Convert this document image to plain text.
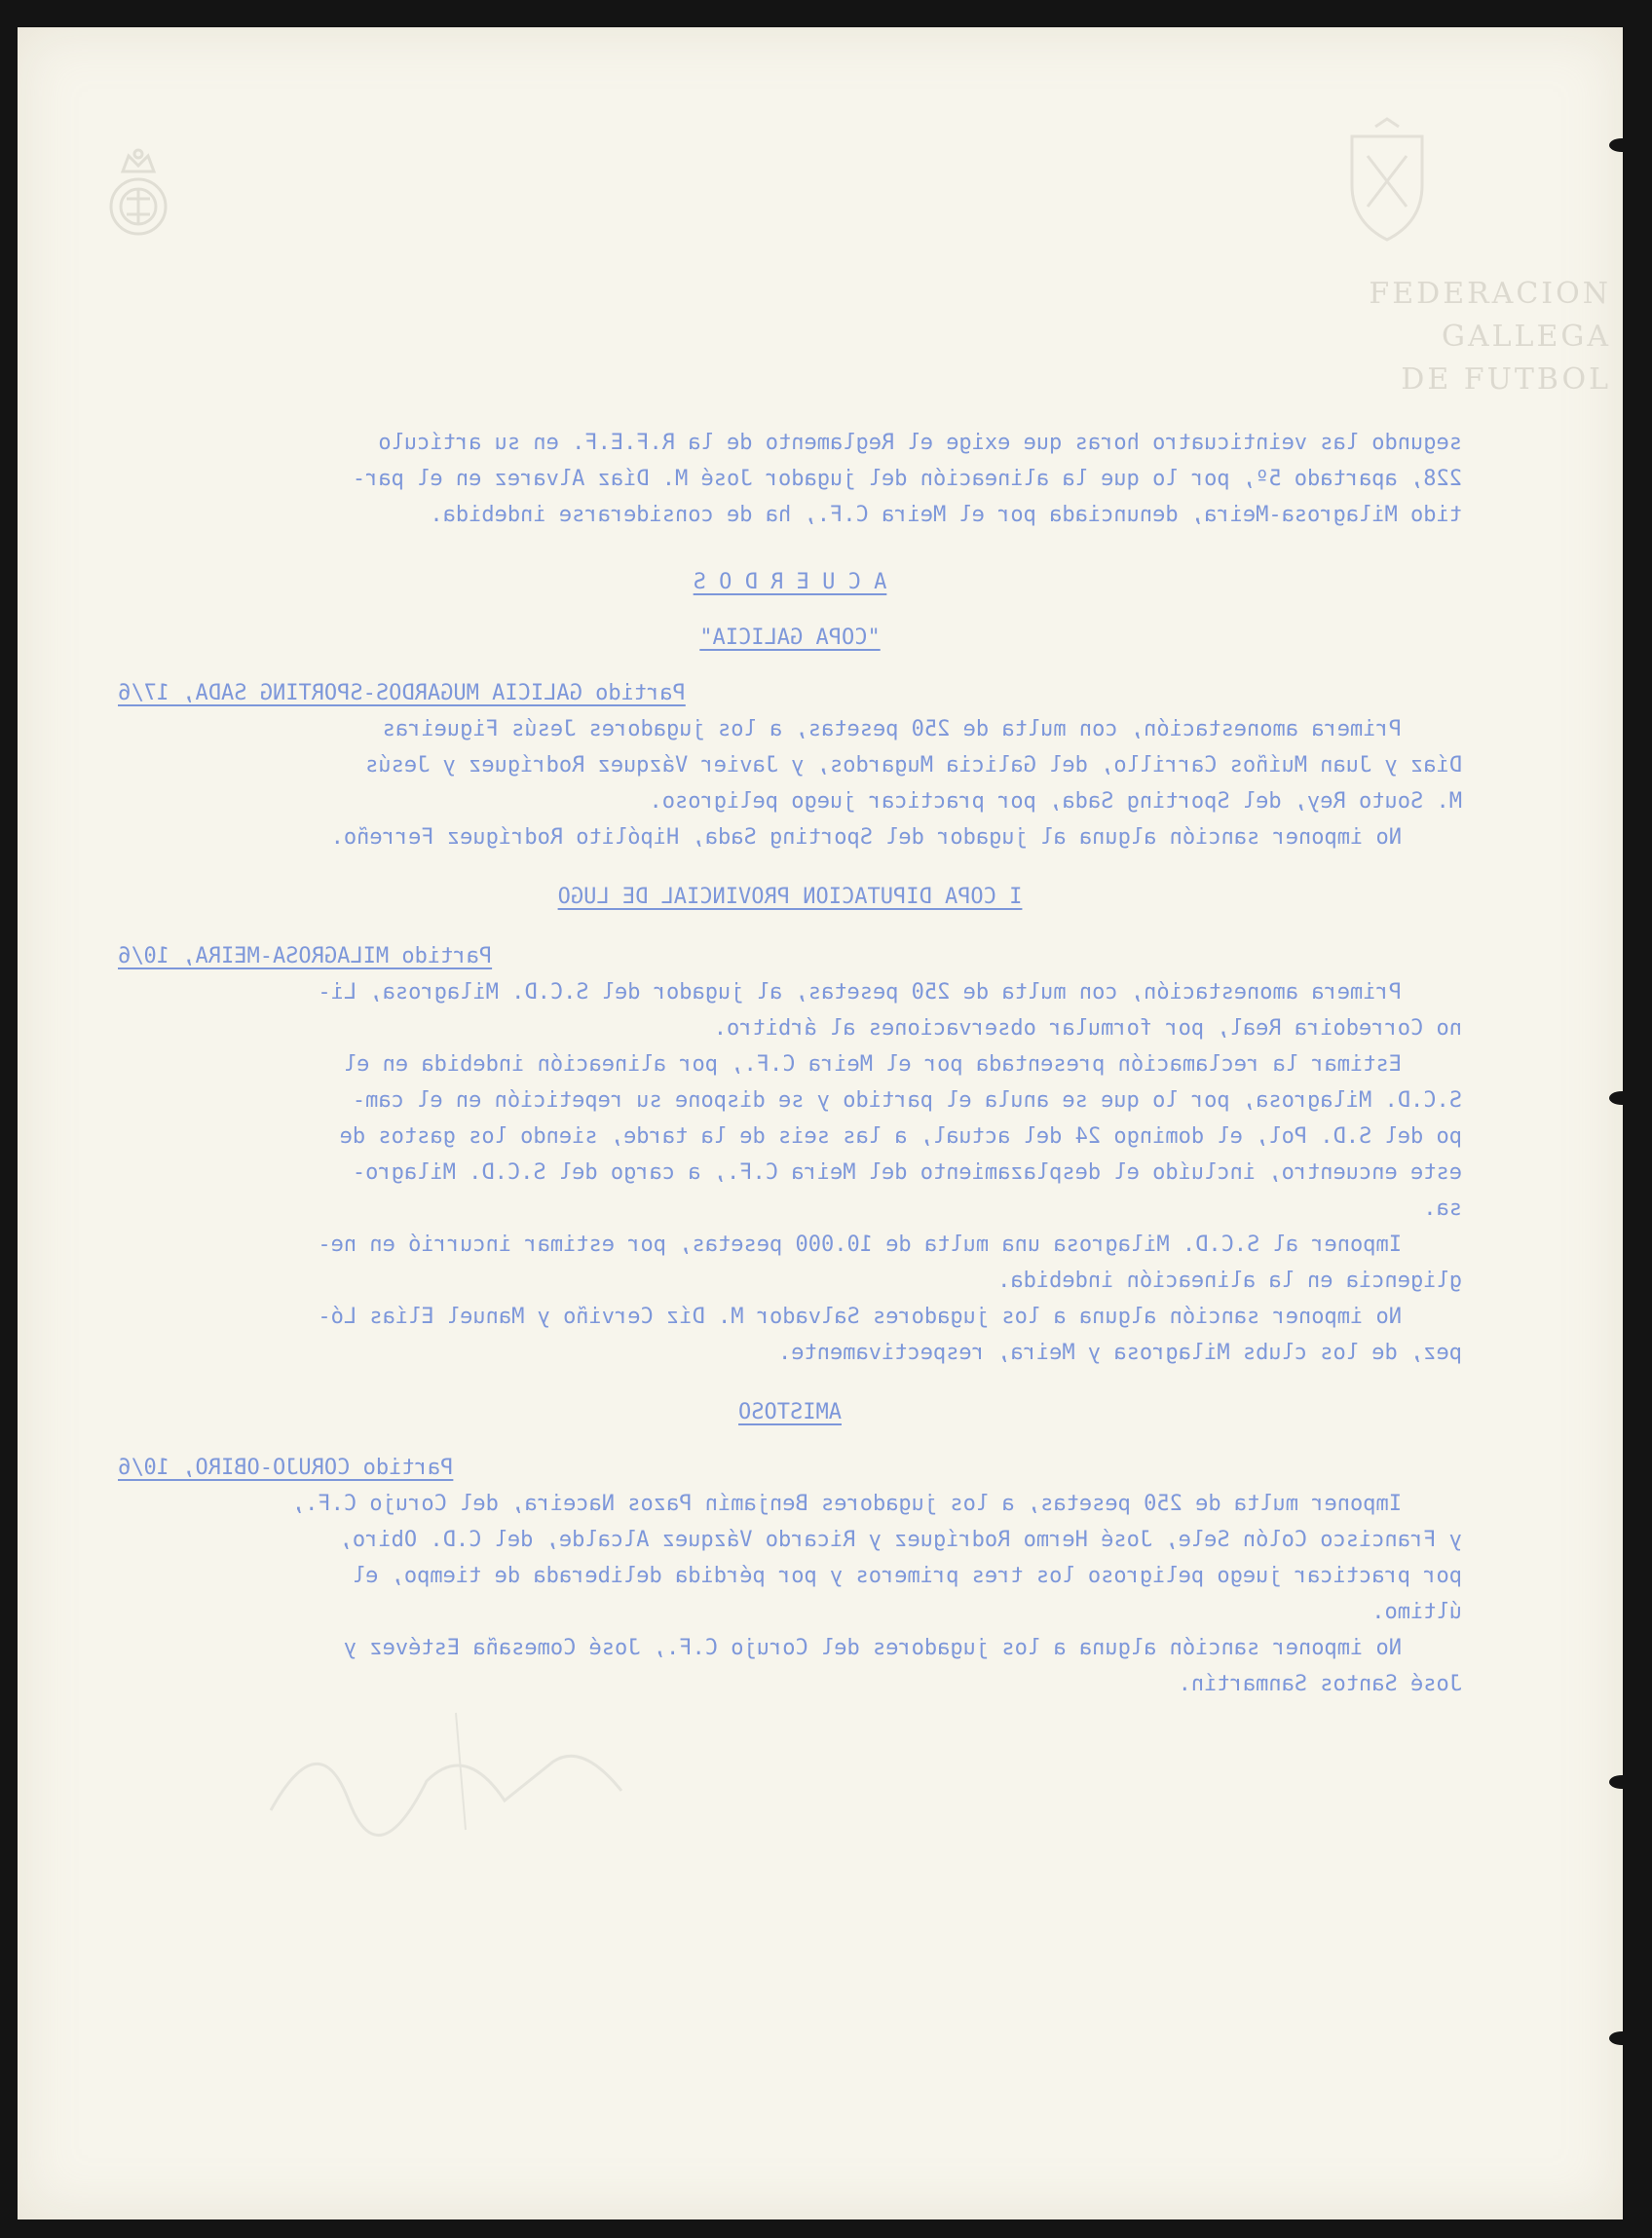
FEDERACION GALLEGA
DE FUTBOL
segundo las veinticuatro horas que exige el Reglamento de la R.F.E.F. en su artículo
228, apartado 5º, por lo que la alineación del jugador José M. Díaz Alvarez en el par-
tido Milagrosa-Meira, denunciada por el Meira C.F., ha de considerarse indebida.
A C U E R D O S
"COPA GALICIA"
Partido GALICIA MUGARDOS-SPORTING SADA, 17/6
Primera amonestación, con multa de 250 pesetas, a los jugadores Jesús Figueiras
Díaz y Juan Muíños Carrillo, del Galicia Mugardos, y Javier Vázquez Rodríguez y Jesús
M. Souto Rey, del Sporting Sada, por practicar juego peligroso.
No imponer sanción alguna al jugador del Sporting Sada, Hipólito Rodríguez Ferreño.
I COPA DIPUTACION PROVINCIAL DE LUGO
Partido MILAGROSA-MEIRA, 10/6
Primera amonestación, con multa de 250 pesetas, al jugador del S.C.D. Milagrosa, Li-
no Corredoira Real, por formular observaciones al árbitro.
Estimar la reclamación presentada por el Meira C.F., por alineación indebida en el
S.C.D. Milagrosa, por lo que se anula el partido y se dispone su repetición en el cam-
po del S.D. Pol, el domingo 24 del actual, a las seis de la tarde, siendo los gastos de
este encuentro, incluído el desplazamiento del Meira C.F., a cargo del S.C.D. Milagro-
sa.
Imponer al S.C.D. Milagrosa una multa de 10.000 pesetas, por estimar incurrió en ne-
gligencia en la alineación indebida.
No imponer sanción alguna a los jugadores Salvador M. Díz Cerviño y Manuel Elías Ló-
pez, de los clubs Milagrosa y Meira, respectivamente.
AMISTOSO
Partido CORUJO-OBIRO, 10/6
Imponer multa de 250 pesetas, a los jugadores Benjamín Pazos Naceira, del Corujo C.F.,
y Francisco Colón Sele, José Hermo Rodríguez y Ricardo Vázquez Alcalde, del C.D. Obiro,
por practicar juego peligroso los tres primeros y por pérdida deliberada de tiempo, el
último.
No imponer sanción alguna a los jugadores del Corujo C.F., José Comesaña Estévez y
José Santos Sanmartín.
